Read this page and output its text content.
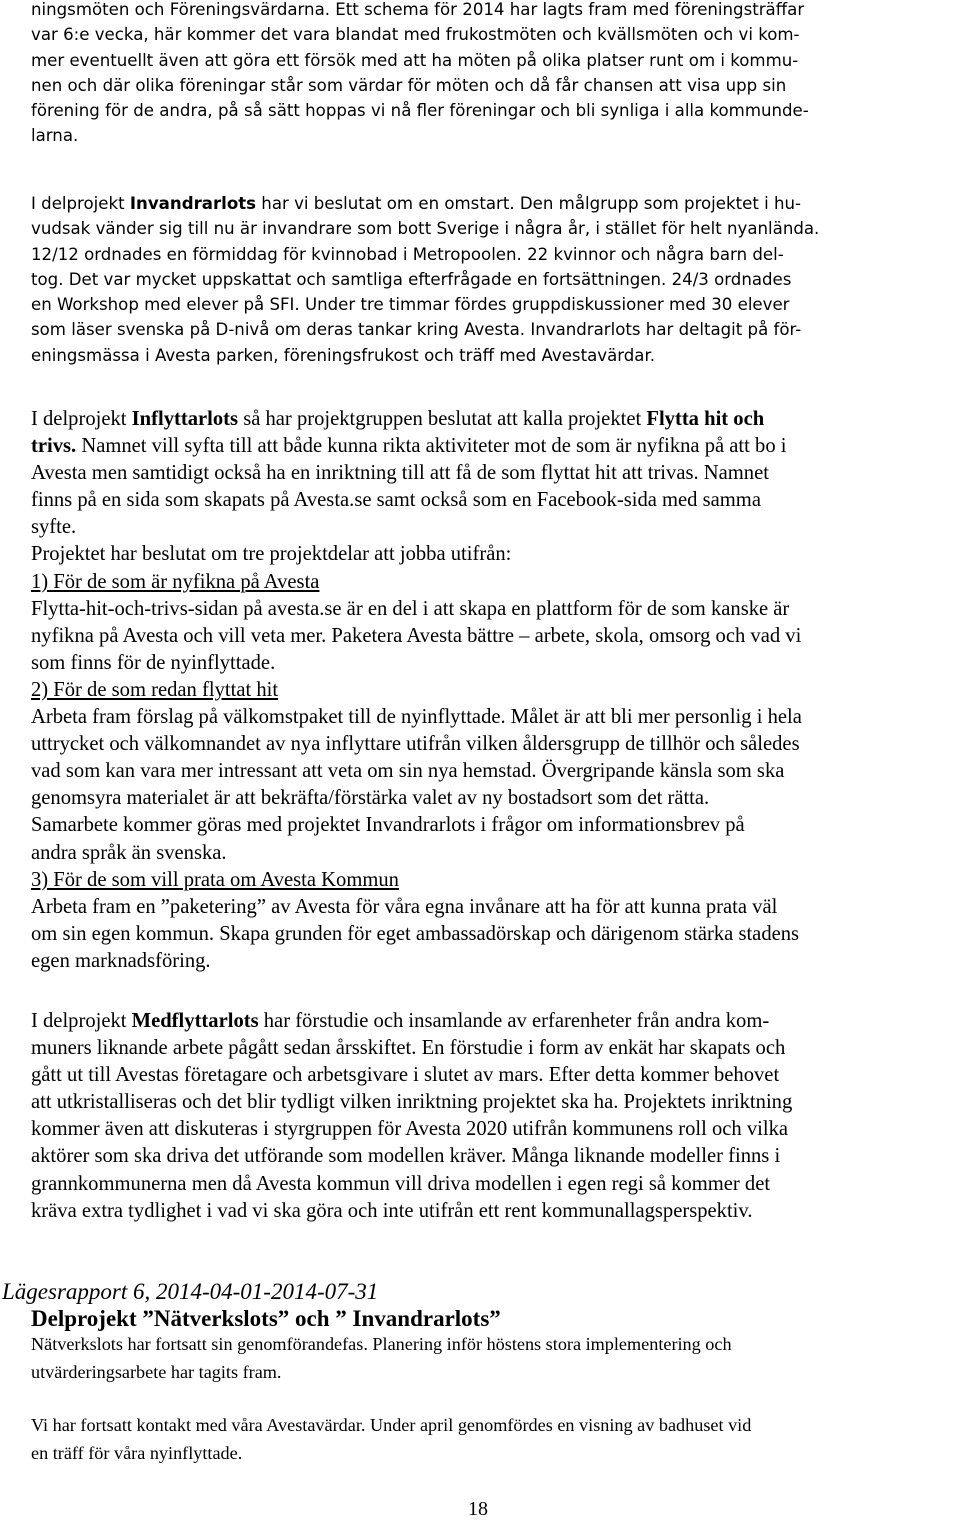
ningsmöten och Föreningsvärdarna. Ett schema för 2014 har lagts fram med föreningsträffar

var 6:e vecka, här kommer det vara blandat med frukostmöten och kvällsmöten och vi kom-

mer eventuellt även att göra ett försök med att ha möten på olika platser runt om i kommu-

nen och där olika föreningar står som värdar för möten och då får chansen att visa upp sin

förening för de andra, på så sätt hoppas vi nå fler föreningar och bli synliga i alla kommunde-

larna.

I delprojekt Invandrarlots har vi beslutat om en omstart. Den målgrupp som projektet i hu-

vudsak vänder sig till nu är invandrare som bott Sverige i några år, i stället för helt nyanlända.

12/12 ordnades en förmiddag för kvinnobad i Metropoolen. 22 kvinnor och några barn del-

tog. Det var mycket uppskattat och samtliga efterfrågade en fortsättningen. 24/3 ordnades

en Workshop med elever på SFI. Under tre timmar fördes gruppdiskussioner med 30 elever

som läser svenska på D-nivå om deras tankar kring Avesta. Invandrarlots har deltagit på för-

eningsmässa i Avesta parken, föreningsfrukost och träff med Avestavärdar.

I delprojekt Inflyttarlots så har projektgruppen beslutat att kalla projektet Flytta hit och

trivs. Namnet vill syfta till att både kunna rikta aktiviteter mot de som är nyfikna på att bo i

Avesta men samtidigt också ha en inriktning till att få de som flyttat hit att trivas. Namnet

finns på en sida som skapats på Avesta.se samt också som en Facebook-sida med samma

syfte.

Projektet har beslutat om tre projektdelar att jobba utifrån:

1) För de som är nyfikna på Avesta

Flytta-hit-och-trivs-sidan på avesta.se är en del i att skapa en plattform för de som kanske är

nyfikna på Avesta och vill veta mer. Paketera Avesta bättre – arbete, skola, omsorg och vad vi

som finns för de nyinflyttade.

2) För de som redan flyttat hit

Arbeta fram förslag på välkomstpaket till de nyinflyttade. Målet är att bli mer personlig i hela

uttrycket och välkomnandet av nya inflyttare utifrån vilken åldersgrupp de tillhör och således

vad som kan vara mer intressant att veta om sin nya hemstad. Övergripande känsla som ska

genomsyra materialet är att bekräfta/förstärka valet av ny bostadsort som det rätta.

Samarbete kommer göras med projektet Invandrarlots i frågor om informationsbrev på

andra språk än svenska.

3) För de som vill prata om Avesta Kommun

Arbeta fram en ”paketering” av Avesta för våra egna invånare att ha för att kunna prata väl

om sin egen kommun. Skapa grunden för eget ambassadörskap och därigenom stärka stadens

egen marknadsföring.

I delprojekt Medflyttarlots har förstudie och insamlande av erfarenheter från andra kom-

muners liknande arbete pågått sedan årsskiftet. En förstudie i form av enkät har skapats och

gått ut till Avestas företagare och arbetsgivare i slutet av mars. Efter detta kommer behovet

att utkristalliseras och det blir tydligt vilken inriktning projektet ska ha. Projektets inriktning

kommer även att diskuteras i styrgruppen för Avesta 2020 utifrån kommunens roll och vilka

aktörer som ska driva det utförande som modellen kräver. Många liknande modeller finns i

grannkommunerna men då Avesta kommun vill driva modellen i egen regi så kommer det

kräva extra tydlighet i vad vi ska göra och inte utifrån ett rent kommunallagsperspektiv.

Lägesrapport 6, 2014-04-01-2014-07-31
Delprojekt ”Nätverkslots” och ” Invandrarlots”

Nätverkslots har fortsatt sin genomförandefas. Planering inför höstens stora implementering och

utvärderingsarbete har tagits fram.

Vi har fortsatt kontakt med våra Avestavärdar. Under april genomfördes en visning av badhuset vid

en träff för våra nyinflyttade.

18
